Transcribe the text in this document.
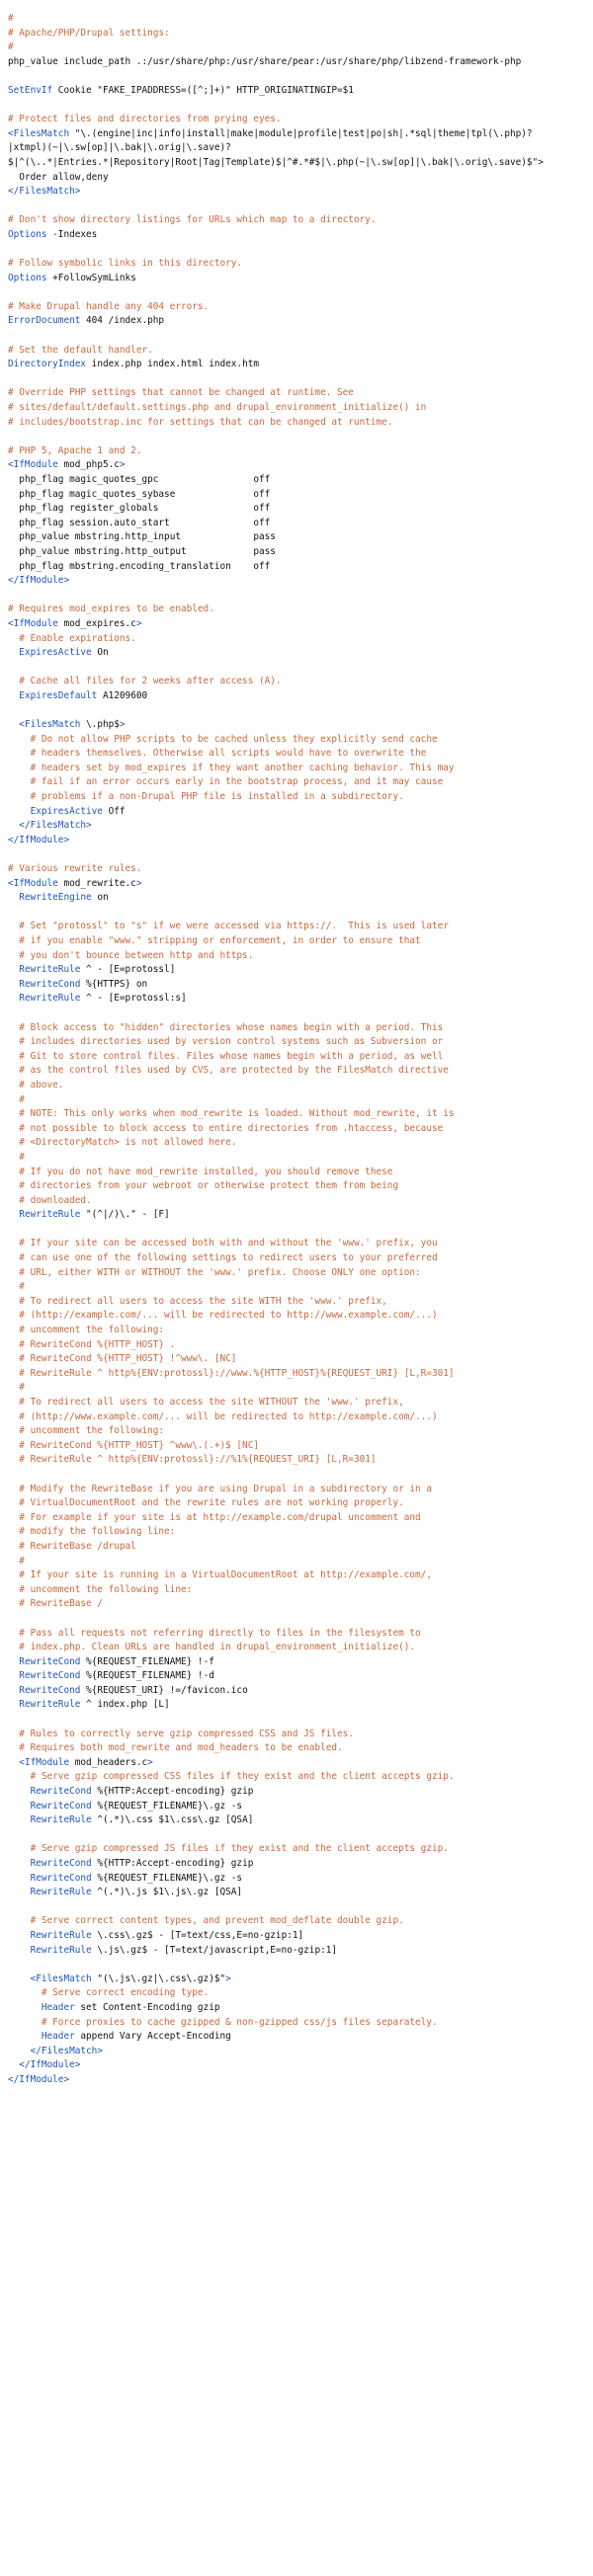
#
# Apache/PHP/Drupal settings:
#
php_value include_path .:/usr/share/php:/usr/share/pear:/usr/share/php/libzend-framework-php

SetEnvIf Cookie "FAKE_IPADDRESS=([^;]+)" HTTP_ORIGINATINGIP=$1

# Protect files and directories from prying eyes.
<FilesMatch "\.(engine|inc|info|install|make|module|profile|test|po|sh|.*sql|theme|tpl(\.php)?
|xtmpl)(~|\.sw[op]|\.bak|\.orig|\.save)?
$|^(\..*|Entries.*|Repository|Root|Tag|Template)$|^#.*#$|\.php(~|\.sw[op]|\.bak|\.orig\.save)$">
Order allow,deny
</FilesMatch>

# Don't show directory listings for URLs which map to a directory.
Options -Indexes

# Follow symbolic links in this directory.
Options +FollowSymLinks

# Make Drupal handle any 404 errors.
ErrorDocument 404 /index.php

# Set the default handler.
DirectoryIndex index.php index.html index.htm

# Override PHP settings that cannot be changed at runtime. See
# sites/default/default.settings.php and drupal_environment_initialize() in
# includes/bootstrap.inc for settings that can be changed at runtime.

# PHP 5, Apache 1 and 2.
<IfModule mod_php5.c>
php_flag magic_quotes_gpc                 off
php_flag magic_quotes_sybase              off
php_flag register_globals                 off
php_flag session.auto_start               off
php_value mbstring.http_input             pass
php_value mbstring.http_output            pass
php_flag mbstring.encoding_translation    off
</IfModule>

# Requires mod_expires to be enabled.
<IfModule mod_expires.c>
# Enable expirations.
ExpiresActive On

# Cache all files for 2 weeks after access (A).
ExpiresDefault A1209600

<FilesMatch \.php$>
# Do not allow PHP scripts to be cached unless they explicitly send cache
# headers themselves. Otherwise all scripts would have to overwrite the
# headers set by mod_expires if they want another caching behavior. This may
# fail if an error occurs early in the bootstrap process, and it may cause
# problems if a non-Drupal PHP file is installed in a subdirectory.
ExpiresActive Off
</FilesMatch>
</IfModule>

# Various rewrite rules.
<IfModule mod_rewrite.c>
RewriteEngine on

# Set "protossl" to "s" if we were accessed via https://.  This is used later
# if you enable "www." stripping or enforcement, in order to ensure that
# you don't bounce between http and https.
RewriteRule ^ - [E=protossl]
RewriteCond %{HTTPS} on
RewriteRule ^ - [E=protossl:s]

# Block access to "hidden" directories whose names begin with a period. This
# includes directories used by version control systems such as Subversion or
# Git to store control files. Files whose names begin with a period, as well
# as the control files used by CVS, are protected by the FilesMatch directive
# above.
#
# NOTE: This only works when mod_rewrite is loaded. Without mod_rewrite, it is
# not possible to block access to entire directories from .htaccess, because
# <DirectoryMatch> is not allowed here.
#
# If you do not have mod_rewrite installed, you should remove these
# directories from your webroot or otherwise protect them from being
# downloaded.
RewriteRule "(^|/)\." - [F]

# If your site can be accessed both with and without the 'www.' prefix, you
# can use one of the following settings to redirect users to your preferred
# URL, either WITH or WITHOUT the 'www.' prefix. Choose ONLY one option:
#
# To redirect all users to access the site WITH the 'www.' prefix,
# (http://example.com/... will be redirected to http://www.example.com/...)
# uncomment the following:
# RewriteCond %{HTTP_HOST} .
# RewriteCond %{HTTP_HOST} !^www\. [NC]
# RewriteRule ^ http%{ENV:protossl}://www.%{HTTP_HOST}%{REQUEST_URI} [L,R=301]
#
# To redirect all users to access the site WITHOUT the 'www.' prefix,
# (http://www.example.com/... will be redirected to http://example.com/...)
# uncomment the following:
# RewriteCond %{HTTP_HOST} ^www\.(.+)$ [NC]
# RewriteRule ^ http%{ENV:protossl}://%1%{REQUEST_URI} [L,R=301]

# Modify the RewriteBase if you are using Drupal in a subdirectory or in a
# VirtualDocumentRoot and the rewrite rules are not working properly.
# For example if your site is at http://example.com/drupal uncomment and
# modify the following line:
# RewriteBase /drupal
#
# If your site is running in a VirtualDocumentRoot at http://example.com/,
# uncomment the following line:
# RewriteBase /

# Pass all requests not referring directly to files in the filesystem to
# index.php. Clean URLs are handled in drupal_environment_initialize().
RewriteCond %{REQUEST_FILENAME} !-f
RewriteCond %{REQUEST_FILENAME} !-d
RewriteCond %{REQUEST_URI} !=/favicon.ico
RewriteRule ^ index.php [L]

# Rules to correctly serve gzip compressed CSS and JS files.
# Requires both mod_rewrite and mod_headers to be enabled.
<IfModule mod_headers.c>
# Serve gzip compressed CSS files if they exist and the client accepts gzip.
RewriteCond %{HTTP:Accept-encoding} gzip
RewriteCond %{REQUEST_FILENAME}\.gz -s
RewriteRule ^(.*)\.css $1\.css\.gz [QSA]

# Serve gzip compressed JS files if they exist and the client accepts gzip.
RewriteCond %{HTTP:Accept-encoding} gzip
RewriteCond %{REQUEST_FILENAME}\.gz -s
RewriteRule ^(.*)\.js $1\.js\.gz [QSA]

# Serve correct content types, and prevent mod_deflate double gzip.
RewriteRule \.css\.gz$ - [T=text/css,E=no-gzip:1]
RewriteRule \.js\.gz$ - [T=text/javascript,E=no-gzip:1]

<FilesMatch "(\.js\.gz|\.css\.gz)$">
# Serve correct encoding type.
Header set Content-Encoding gzip
# Force proxies to cache gzipped & non-gzipped css/js files separately.
Header append Vary Accept-Encoding
</FilesMatch>
</IfModule>
</IfModule>
